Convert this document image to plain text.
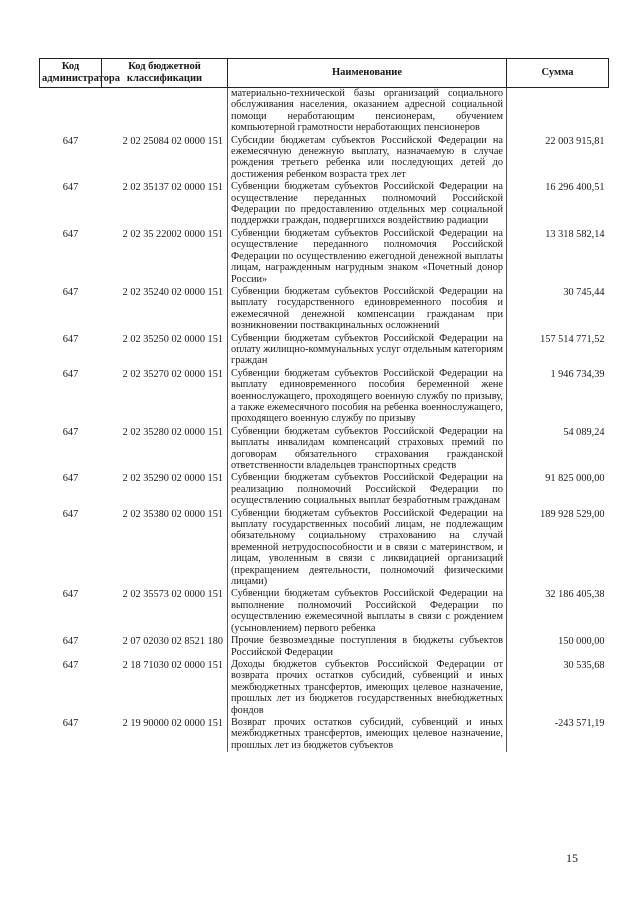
Код администратора	Код бюджетной классификации	Наименование	Сумма
		материально-технической базы организаций социального обслуживания населения, оказанием адресной социальной помощи неработающим пенсионерам, обучением компьютерной грамотности неработающих пенсионеров	
647	2 02 25084 02 0000 151	Субсидии бюджетам субъектов Российской Федерации на ежемесячную денежную выплату, назначаемую в случае рождения третьего ребенка или последующих детей до достижения ребенком возраста трех лет	22 003 915,81
647	2 02 35137 02 0000 151	Субвенции бюджетам субъектов Российской Федерации на осуществление переданных полномочий Российской Федерации по предоставлению отдельных мер социальной поддержки граждан, подвергшихся воздействию радиации	16 296 400,51
647	2 02 35 22002 0000 151	Субвенции бюджетам субъектов Российской Федерации на осуществление переданного полномочия Российской Федерации по осуществлению ежегодной денежной выплаты лицам, награжденным нагрудным знаком «Почетный донор России»	13 318 582,14
647	2 02 35240 02 0000 151	Субвенции бюджетам субъектов Российской Федерации на выплату государственного единовременного пособия и ежемесячной денежной компенсации гражданам при возникновении поствакцинальных осложнений	30 745,44
647	2 02 35250 02 0000 151	Субвенции бюджетам субъектов Российской Федерации на оплату жилищно-коммунальных услуг отдельным категориям граждан	157 514 771,52
647	2 02 35270 02 0000 151	Субвенции бюджетам субъектов Российской Федерации на выплату единовременного пособия беременной жене военнослужащего, проходящего военную службу по призыву, а также ежемесячного пособия на ребенка военнослужащего, проходящего военную службу по призыву	1 946 734,39
647	2 02 35280 02 0000 151	Субвенции бюджетам субъектов Российской Федерации на выплаты инвалидам компенсаций страховых премий по договорам обязательного страхования гражданской ответственности владельцев транспортных средств	54 089,24
647	2 02 35290 02 0000 151	Субвенции бюджетам субъектов Российской Федерации на реализацию полномочий Российской Федерации по осуществлению социальных выплат безработным гражданам	91 825 000,00
647	2 02 35380 02 0000 151	Субвенции бюджетам субъектов Российской Федерации на выплату государственных пособий лицам, не подлежащим обязательному социальному страхованию на случай временной нетрудоспособности и в связи с материнством, и лицам, уволенным в связи с ликвидацией организаций (прекращением деятельности, полномочий физическими лицами)	189 928 529,00
647	2 02 35573 02 0000 151	Субвенции бюджетам субъектов Российской Федерации на выполнение полномочий Российской Федерации по осуществлению ежемесячной выплаты в связи с рождением (усыновлением) первого ребенка	32 186 405,38
647	2 07 02030 02 8521 180	Прочие безвозмездные поступления в бюджеты субъектов Российской Федерации	150 000,00
647	2 18 71030 02 0000 151	Доходы бюджетов субъектов Российской Федерации от возврата прочих остатков субсидий, субвенций и иных межбюджетных трансфертов, имеющих целевое назначение, прошлых лет из бюджетов государственных внебюджетных фондов	30 535,68
647	2 19 90000 02 0000 151	Возврат прочих остатков субсидий, субвенций и иных межбюджетных трансфертов, имеющих целевое назначение, прошлых лет из бюджетов субъектов	-243 571,19
15
